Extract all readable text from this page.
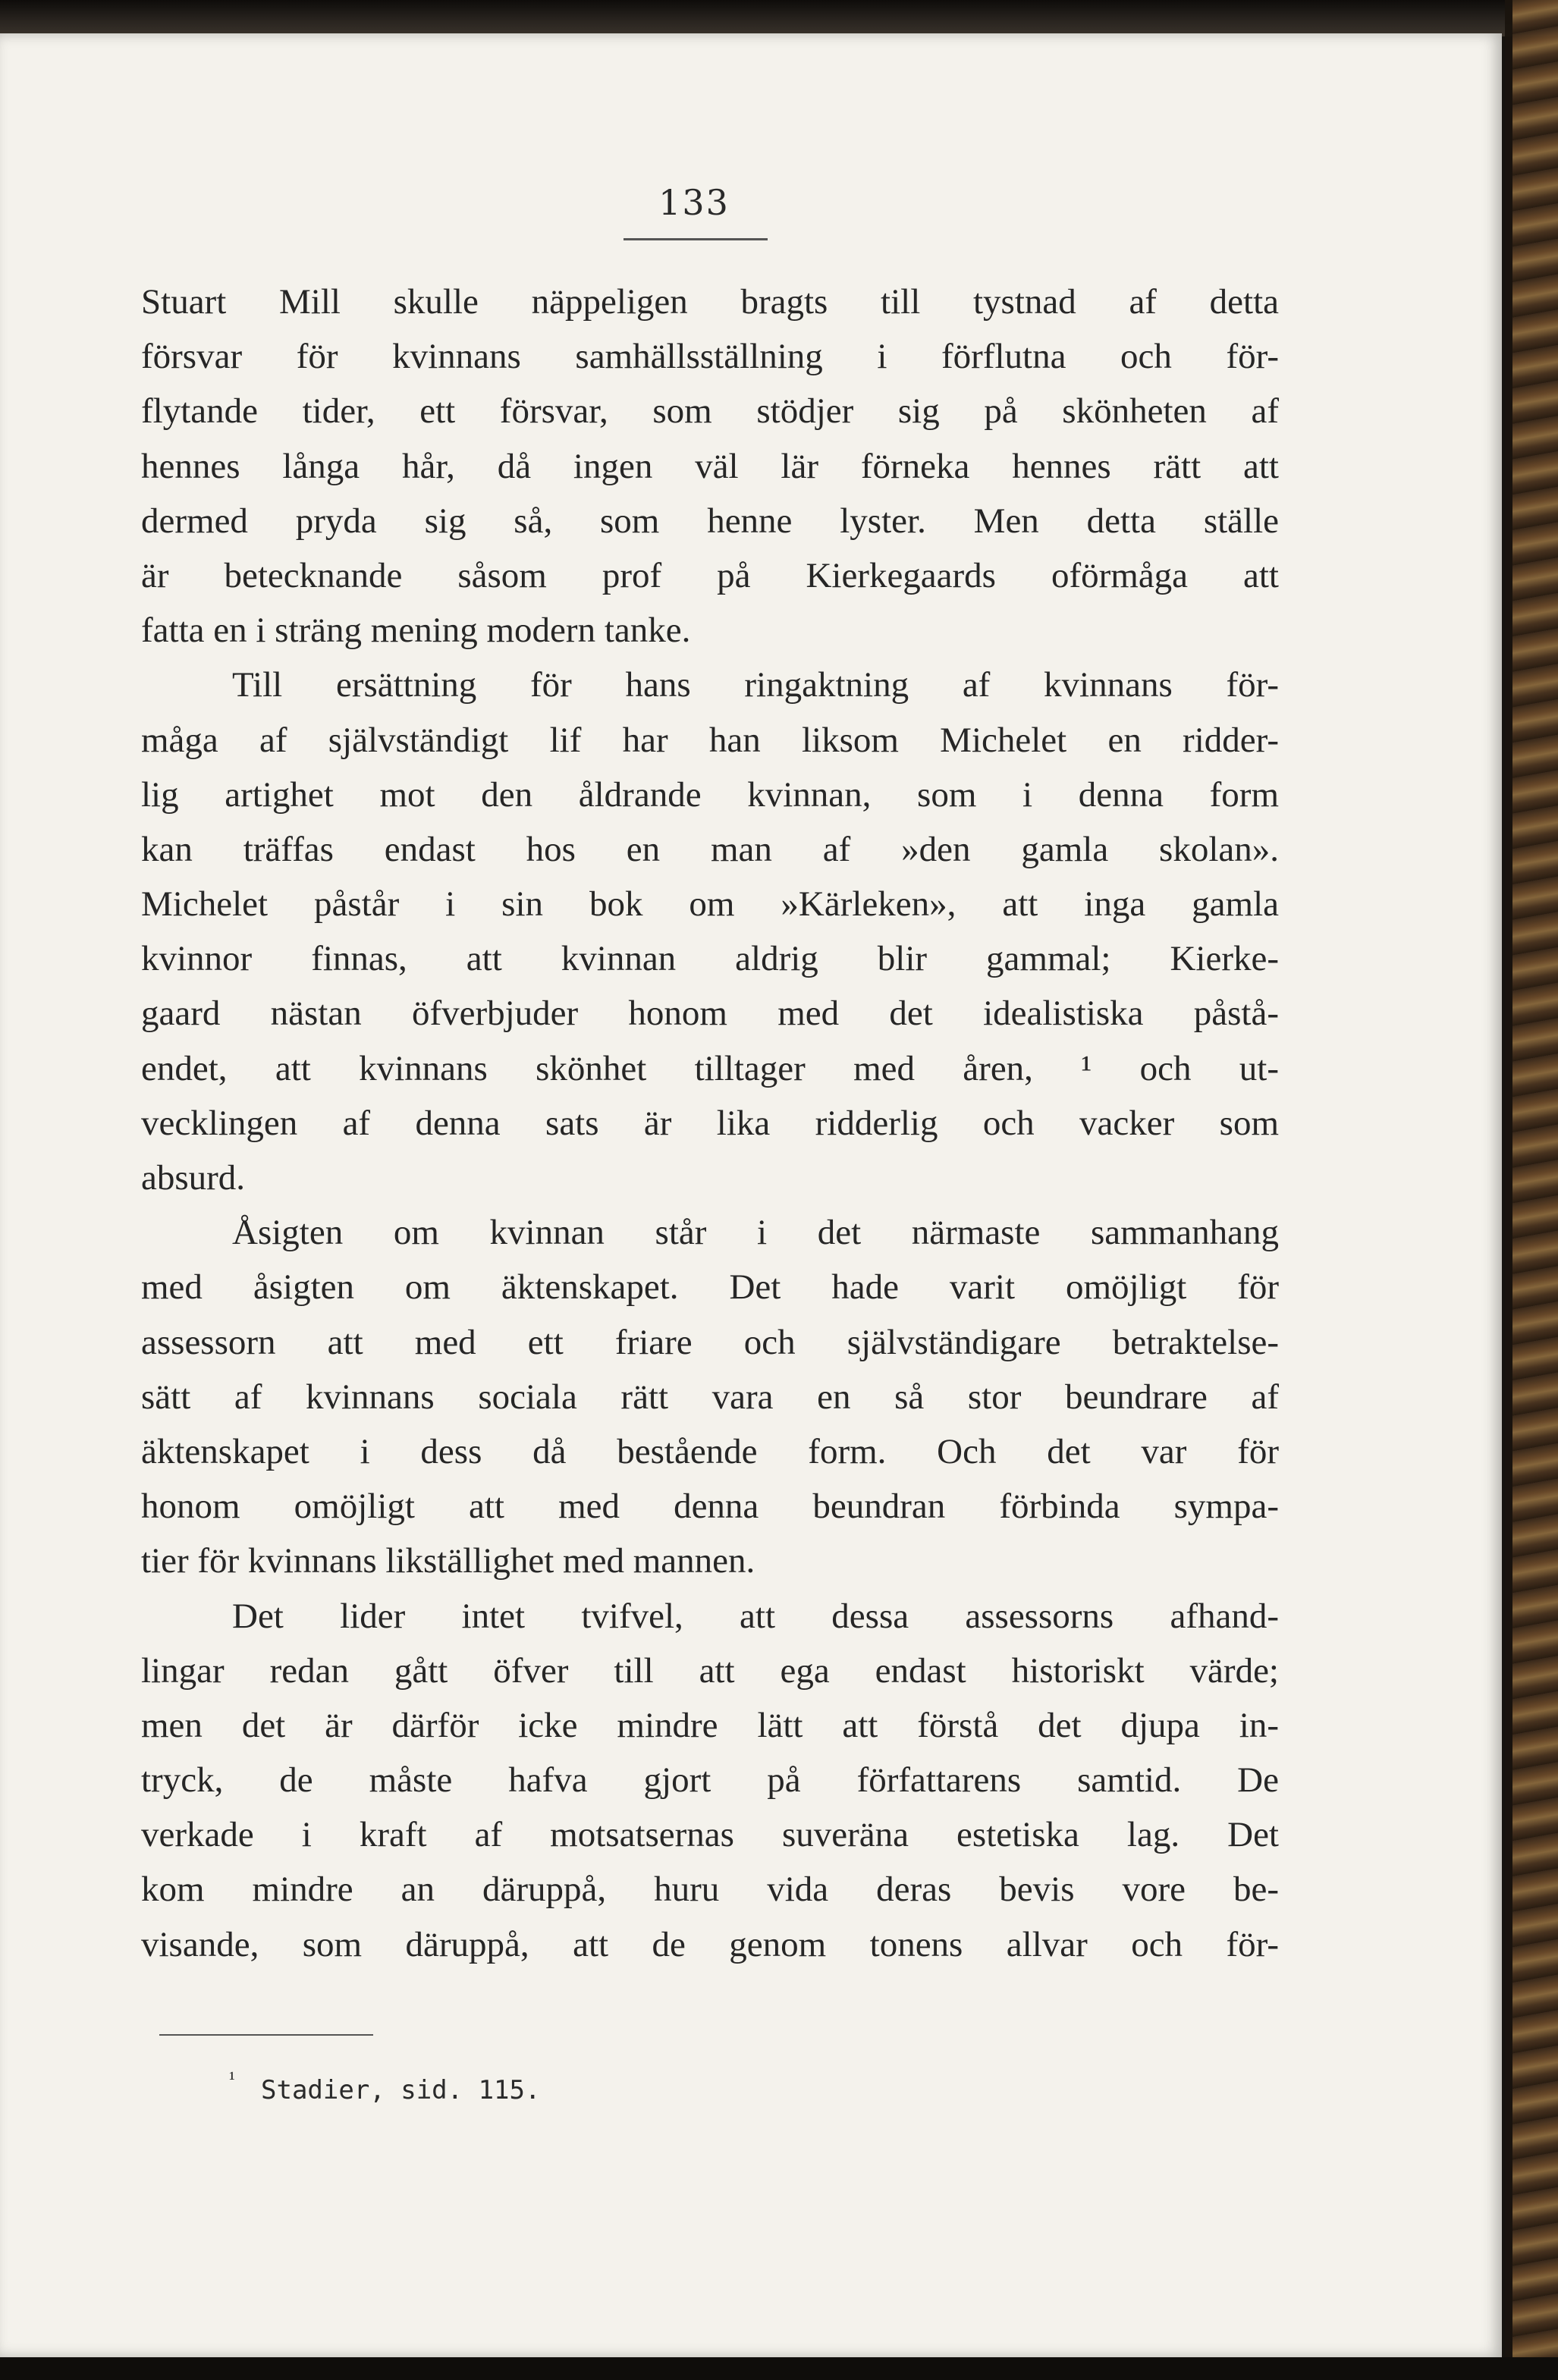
133
Stuart Mill skulle näppeligen bragts till tystnad af detta
försvar för kvinnans samhällsställning i förflutna och för-
flytande tider, ett försvar, som stödjer sig på skönheten af
hennes långa hår, då ingen väl lär förneka hennes rätt att
dermed pryda sig så, som henne lyster. Men detta ställe
är betecknande såsom prof på Kierkegaards oförmåga att
fatta en i sträng mening modern tanke.
Till ersättning för hans ringaktning af kvinnans för-
måga af självständigt lif har han liksom Michelet en ridder-
lig artighet mot den åldrande kvinnan, som i denna form
kan träffas endast hos en man af »den gamla skolan».
Michelet påstår i sin bok om »Kärleken», att inga gamla
kvinnor finnas, att kvinnan aldrig blir gammal; Kierke-
gaard nästan öfverbjuder honom med det idealistiska påstå-
endet, att kvinnans skönhet tilltager med åren, ¹ och ut-
vecklingen af denna sats är lika ridderlig och vacker som
absurd.
Åsigten om kvinnan står i det närmaste sammanhang
med åsigten om äktenskapet. Det hade varit omöjligt för
assessorn att med ett friare och självständigare betraktelse-
sätt af kvinnans sociala rätt vara en så stor beundrare af
äktenskapet i dess då bestående form. Och det var för
honom omöjligt att med denna beundran förbinda sympa-
tier för kvinnans likställighet med mannen.
Det lider intet tvifvel, att dessa assessorns afhand-
lingar redan gått öfver till att ega endast historiskt värde;
men det är därför icke mindre lätt att förstå det djupa in-
tryck, de måste hafva gjort på författarens samtid. De
verkade i kraft af motsatsernas suveräna estetiska lag. Det
kom mindre an däruppå, huru vida deras bevis vore be-
visande, som däruppå, att de genom tonens allvar och för-
¹ Stadier, sid. 115.
